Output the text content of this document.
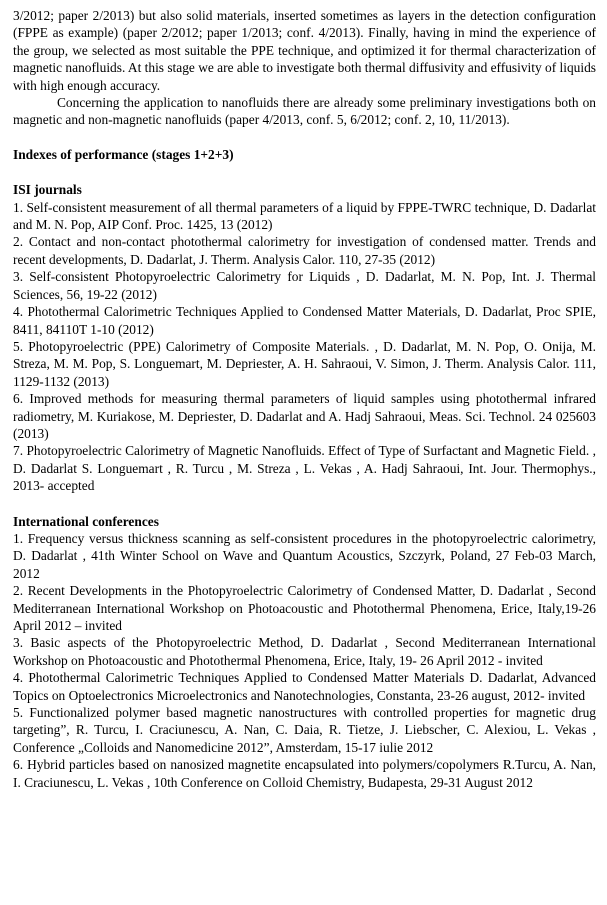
3/2012; paper 2/2013) but also solid materials, inserted sometimes as layers in the detection configuration (FPPE as example) (paper 2/2012; paper 1/2013; conf. 4/2013). Finally, having in mind the experience of the group, we selected as most suitable the PPE technique, and optimized it for thermal characterization of magnetic nanofluids. At this stage we are able to investigate both thermal diffusivity and effusivity of liquids with high enough accuracy.

Concerning the application to nanofluids there are already some preliminary investigations both on magnetic and non-magnetic nanofluids (paper 4/2013, conf. 5, 6/2012; conf. 2, 10, 11/2013).

Indexes of performance (stages 1+2+3)

ISI journals

1. Self-consistent measurement of all thermal parameters of a liquid by FPPE-TWRC technique, D. Dadarlat and M. N. Pop, AIP Conf. Proc. 1425, 13 (2012)
2. Contact and non-contact photothermal calorimetry for investigation of condensed matter. Trends and recent developments, D. Dadarlat, J. Therm. Analysis Calor. 110, 27-35 (2012)
3. Self-consistent Photopyroelectric Calorimetry for Liquids , D. Dadarlat, M. N. Pop, Int. J. Thermal Sciences, 56, 19-22 (2012)
4. Photothermal Calorimetric Techniques Applied to Condensed Matter Materials, D. Dadarlat, Proc SPIE, 8411, 84110T 1-10 (2012)
5. Photopyroelectric (PPE) Calorimetry of Composite Materials. , D. Dadarlat, M. N. Pop, O. Onija, M. Streza, M. M. Pop, S. Longuemart, M. Depriester, A. H. Sahraoui, V. Simon, J. Therm. Analysis Calor. 111, 1129-1132 (2013)
6. Improved methods for measuring thermal parameters of liquid samples using photothermal infrared radiometry, M. Kuriakose, M. Depriester, D. Dadarlat and A. Hadj Sahraoui, Meas. Sci. Technol. 24 025603 (2013)
7. Photopyroelectric Calorimetry of Magnetic Nanofluids. Effect of Type of Surfactant and Magnetic Field. , D. Dadarlat S. Longuemart , R. Turcu , M. Streza , L. Vekas , A. Hadj Sahraoui, Int. Jour. Thermophys., 2013- accepted

International conferences

1. Frequency versus thickness scanning as self-consistent procedures in the photopyroelectric calorimetry, D. Dadarlat , 41th Winter School on Wave and Quantum Acoustics, Szczyrk, Poland, 27 Feb-03 March, 2012
2. Recent Developments in the Photopyroelectric Calorimetry of Condensed Matter, D. Dadarlat , Second Mediterranean International Workshop on Photoacoustic and Photothermal Phenomena, Erice, Italy,19-26 April 2012 – invited
3. Basic aspects of the Photopyroelectric Method, D. Dadarlat , Second Mediterranean International Workshop on Photoacoustic and Photothermal Phenomena, Erice, Italy, 19- 26 April 2012 - invited
4. Photothermal Calorimetric Techniques Applied to Condensed Matter Materials D. Dadarlat, Advanced Topics on Optoelectronics Microelectronics and Nanotechnologies, Constanta, 23-26 august, 2012- invited
5. Functionalized polymer based magnetic nanostructures with controlled properties for magnetic drug targeting”, R. Turcu, I. Craciunescu, A. Nan, C. Daia, R. Tietze, J. Liebscher, C. Alexiou, L. Vekas , Conference „Colloids and Nanomedicine 2012”, Amsterdam, 15-17 iulie 2012
6. Hybrid particles based on nanosized magnetite encapsulated into polymers/copolymers R.Turcu, A. Nan, I. Craciunescu, L. Vekas , 10th Conference on Colloid Chemistry, Budapesta, 29-31 August 2012
